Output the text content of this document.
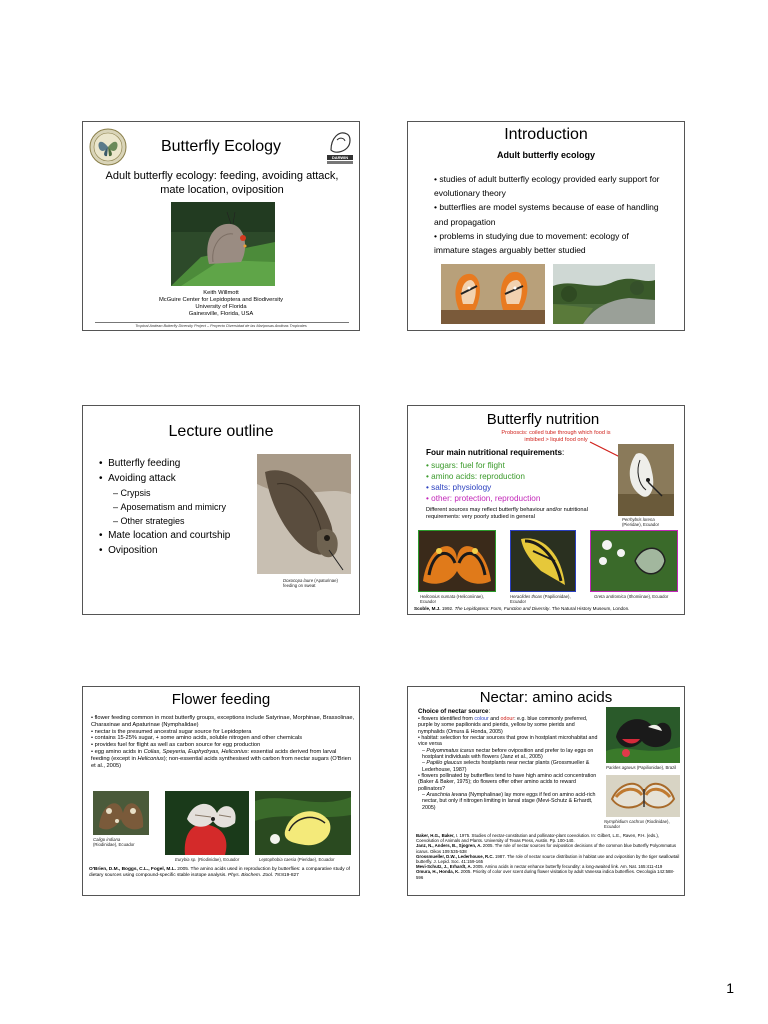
Butterfly Ecology
DARWIN
Adult butterfly ecology: feeding, avoiding attack, mate location, oviposition
Keith Willmott
McGuire Center for Lepidoptera and Biodiversity
University of Florida
Gainesville, Florida, USA
Tropical Andean Butterfly Diversity Project – Proyecto Diversidad de las Mariposas Andinas Tropicales
Introduction
Adult butterfly ecology
• studies of adult butterfly ecology provided early support for evolutionary theory
• butterflies are model systems because of ease of handling and propagation
• problems in studying due to movement: ecology of immature stages arguably better studied
Lecture outline
•  Butterfly feeding
•  Avoiding attack
– Crypsis
– Aposematism and mimicry
– Other strategies
•  Mate location and courtship
•  Oviposition
Doxocopa laure (Apaturinae)
feeding on sweat
Butterfly nutrition
Proboscis: coiled tube through which food is imbibed > liquid food only
Four main nutritional requirements:
• sugars: fuel for flight
• amino acids: reproduction
• salts: physiology
• other: protection, reproduction
Different sources may reflect butterfly behaviour and/or nutritional requirements: very poorly studied in general	Perrhybris lorena
(Pieridae), Ecuador
Heliconius numata (Heliconiinae), Ecuador
Heraclides thoas (Papilionidae), Ecuador
Greta andromica (Ithomiinae), Ecuador
Scoble, M.J. 1992. The Lepidoptera: Form, Function and Diversity. The Natural History Museum, London.
Flower feeding
• flower feeding common in most butterfly groups, exceptions include Satyrinae, Morphinae, Brassolinae, Charaxinae and Apaturinae (Nymphalidae)
• nectar is the presumed ancestral sugar source for Lepidoptera
• contains 15-25% sugar, + some amino acids, soluble nitrogen and other chemicals
• provides fuel for flight as well as carbon source for egg production
• egg amino acids in Colias, Speyeria, Euphydryas, Heliconius: essential acids derived from larval feeding (except in Heliconius); non-essential acids synthesised with carbon from nectar sugars (O'Brien et al., 2005)
Caligo indiana
(Riodinidae), Ecuador
Eurybia sp. (Riodinidae), Ecuador	Leptophobia caesia (Pieridae), Ecuador
O'Brien, D.M., Boggs, C.L., Fogel, M.L. 2005. The amino acids used in reproduction by butterflies: a comparative study of dietary sources using compound-specific stable isotope analysis. Phys. Biochem. Zool. 78:819-827
Nectar: amino acids
Choice of nectar source:
• flowers identified from colour and odour: e.g. blue commonly preferred, purple by some papilionids and pierids, yellow by some pierids and nymphalids (Omura & Honda, 2005)
• habitat: selection for nectar sources that grow in hostplant microhabitat and vice versa
– Polyommatus icarus nectar before oviposition and prefer to lay eggs on hostplant individuals with flowers (Janz et al., 2005)
– Papilio glaucus selects hostplants near nectar plants (Grossmueller & Lederhouse, 1987)
• flowers pollinated by butterflies tend to have high amino acid concentration (Baker & Baker, 1975); do flowers offer other amino acids to reward pollinators?
– Araschnia levana (Nymphalinae) lay more eggs if fed on amino acid-rich nectar, but only if nitrogen limiting in larval stage (Mevi-Schutz & Erhardt, 2005)
Parides agavus (Papilionidae), Brazil
Nymphidium cachrus (Riodinidae), Ecuador
Baker, H.G., Baker, I. 1975. Studies of nectar-constitution and pollinator-plant coevolution. In: Gilbert, L.E., Raven, P.H. (eds.), Coevolution of Animals and Plants. University of Texas Press, Austin. Pp. 100-140.
Janz, N., Anders, B., Sjogren, A. 2005. The role of nectar sources for oviposition decisions of the common blue butterfly Polyommatus icarus. Oikos 109:535-538
Grossmueller, D.W., Lederhouse, R.C. 1987. The role of nectar source distribution in habitat use and oviposition by the tiger swallowtail butterfly. J. Lepid. Soc. 41:159-165
Mevi-Schutz, J., Erhardt, A. 2005. Amino acids in nectar enhance butterfly fecundity: a long-awaited link. Am. Nat. 165:411-419
Omura, H., Honda, K. 2005. Priority of color over scent during flower visitation by adult Vanessa indica butterflies. Oecologia 142:588-596
1
